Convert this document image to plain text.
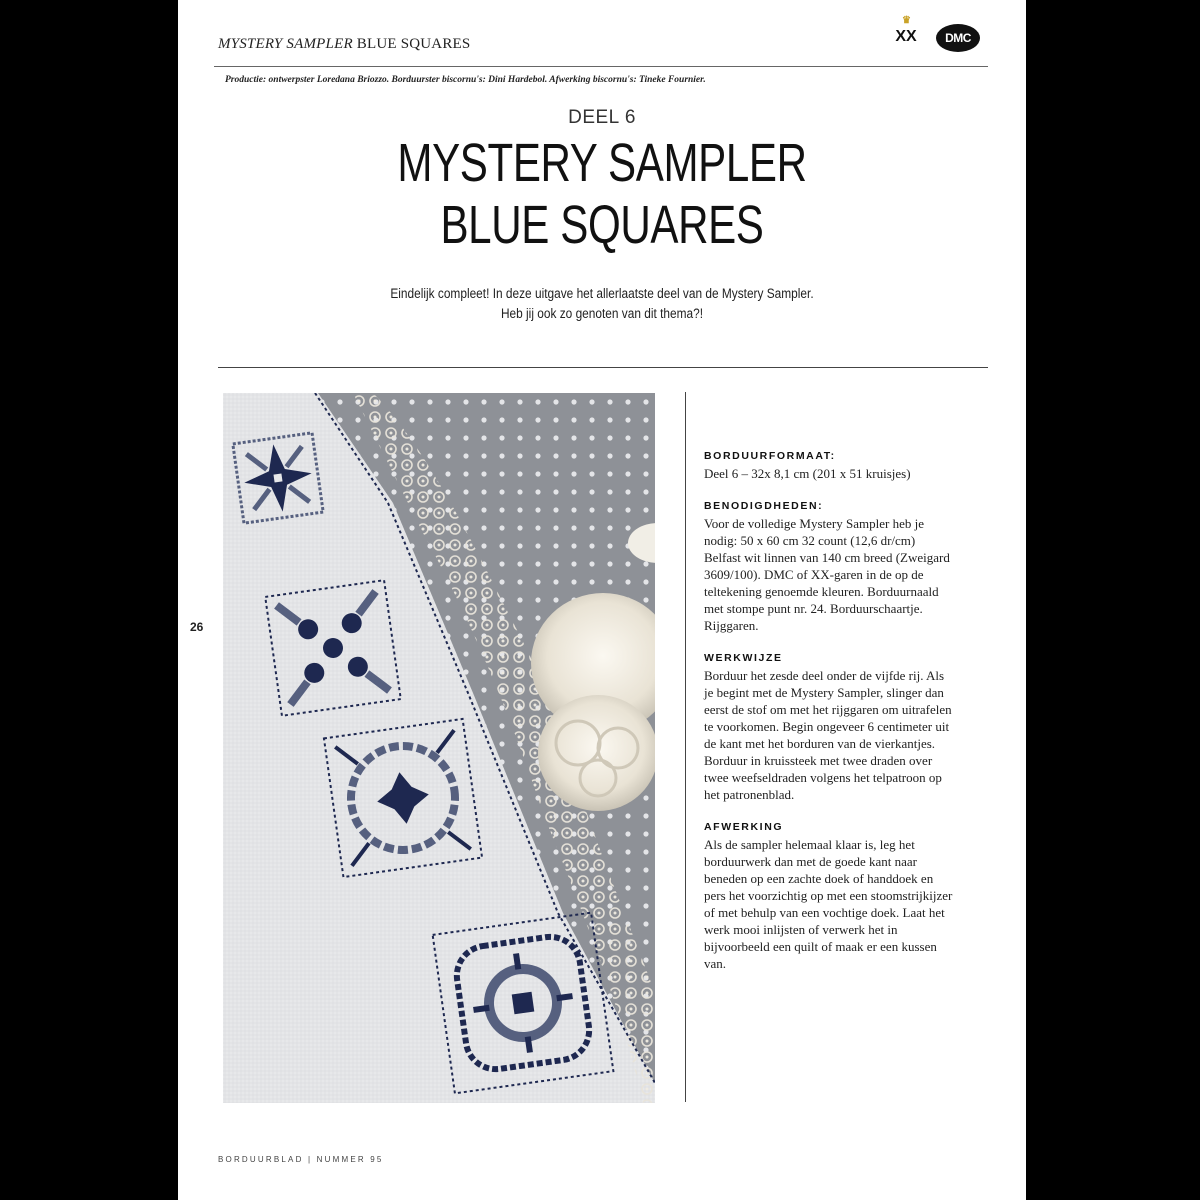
MYSTERY SAMPLER BLUE SQUARES
♛
XX	DMC
Productie: ontwerpster Loredana Briozzo. Borduurster biscornu's: Dini Hardebol. Afwerking biscornu's: Tineke Fournier.
DEEL 6
MYSTERY SAMPLER
BLUE SQUARES
Eindelijk compleet! In deze uitgave het allerlaatste deel van de Mystery Sampler.
Heb jij ook zo genoten van dit thema?!
26

BORDUURFORMAAT:

Deel 6 – 32x 8,1 cm (201 x 51 kruisjes)

BENODIGDHEDEN:

Voor de volledige Mystery Sampler heb je nodig: 50 x 60 cm 32 count (12,6 dr/cm) Belfast wit linnen van 140 cm breed (Zweigard 3609/100). DMC of XX-garen in de op de teltekening genoemde kleuren. Borduurnaald met stompe punt nr. 24. Borduurschaartje. Rijggaren.

WERKWIJZE

Borduur het zesde deel onder de vijfde rij. Als je begint met de Mystery Sampler, slinger dan eerst de stof om met het rijggaren om uitrafelen te voorkomen. Begin ongeveer 6 centimeter uit de kant met het borduren van de vierkantjes. Borduur in kruissteek met twee draden over twee weefseldraden volgens het telpatroon op het patronenblad.

AFWERKING

Als de sampler helemaal klaar is, leg het borduurwerk dan met de goede kant naar beneden op een zachte doek of handdoek en pers het voorzichtig op met een stoomstrijkijzer of met behulp van een vochtige doek. Laat het werk mooi inlijsten of verwerk het in bijvoorbeeld een quilt of maak er een kussen van.

BORDUURBLAD | NUMMER 95
